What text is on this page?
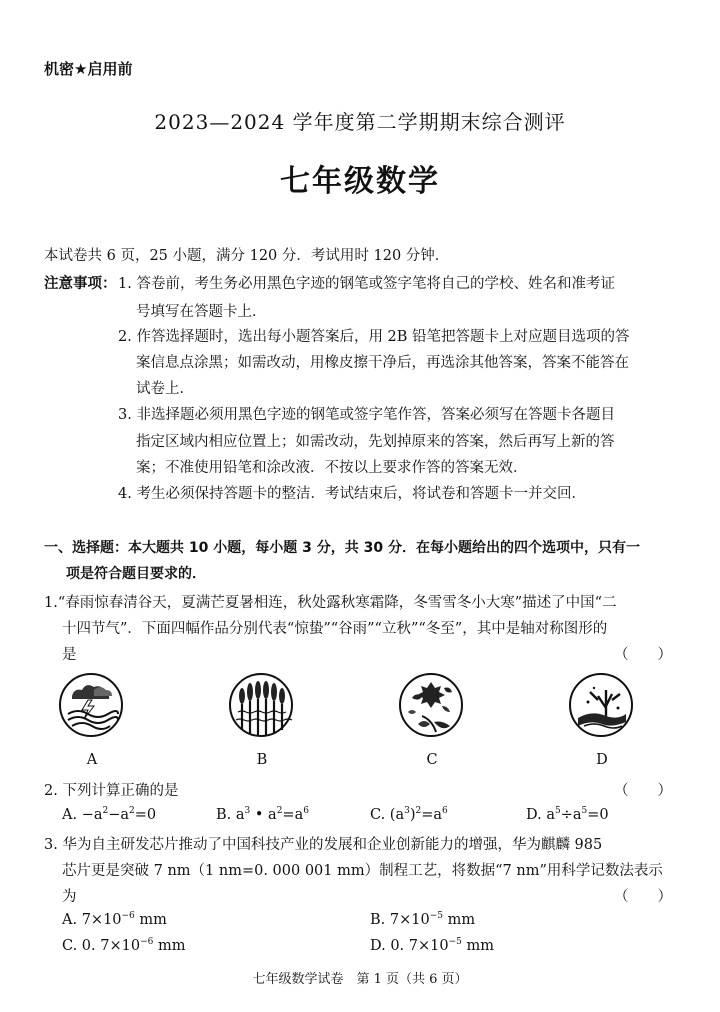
机密★启用前
2023—2024 学年度第二学期期末综合测评
七年级数学
本试卷共 6 页，25 小题，满分 120 分．考试用时 120 分钟．
注意事项： 1. 答卷前，考生务必用黑色字迹的钢笔或签字笔将自己的学校、姓名和准考证
号填写在答题卡上．
2. 作答选择题时，选出每小题答案后，用 2B 铅笔把答题卡上对应题目选项的答
案信息点涂黑；如需改动，用橡皮擦干净后，再选涂其他答案，答案不能答在
试卷上．
3. 非选择题必须用黑色字迹的钢笔或签字笔作答，答案必须写在答题卡各题目
指定区域内相应位置上；如需改动，先划掉原来的答案，然后再写上新的答
案；不准使用铅笔和涂改液．不按以上要求作答的答案无效．
4. 考生必须保持答题卡的整洁．考试结束后，将试卷和答题卡一并交回．
一、选择题：本大题共 10 小题，每小题 3 分，共 30 分．在每小题给出的四个选项中，只有一
项是符合题目要求的．
1.“春雨惊春清谷天，夏满芒夏暑相连，秋处露秋寒霜降，冬雪雪冬小大寒”描述了中国“二
十四节气”．下面四幅作品分别代表“惊蛰”“谷雨”“立秋”“冬至”，其中是轴对称图形的
是	（　　）
A	B	C	D
2. 下列计算正确的是	（　　）
A. $-a^2-a^2=0$	B. $a^3$ • $a^2=a^6$	C. $(a^3)^2=a^6$	D. $a^5\div a^5=0$
3. 华为自主研发芯片推动了中国科技产业的发展和企业创新能力的增强，华为麒麟 985
芯片更是突破 7 nm（1 nm=0. 000 001 mm）制程工艺，将数据“7 nm”用科学记数法表示
为	（　　）
A. $7\times 10^{-6}$ mm	B. $7\times 10^{-5}$ mm
C. 0. $7\times 10^{-6}$ mm	D. 0. $7\times 10^{-5}$ mm
七年级数学试卷　第 1 页（共 6 页）
